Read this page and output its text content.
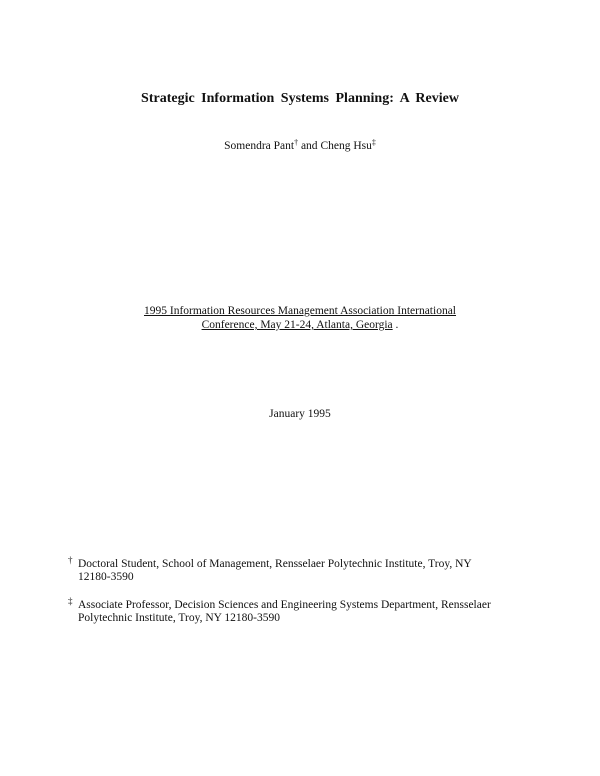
Strategic Information Systems Planning: A Review
Somendra Pant† and Cheng Hsu‡
1995 Information Resources Management Association International
Conference, May 21-24, Atlanta, Georgia .
January 1995
† Doctoral Student, School of Management, Rensselaer Polytechnic Institute, Troy, NY 12180-3590
‡ Associate Professor, Decision Sciences and Engineering Systems Department, Rensselaer Polytechnic Institute, Troy, NY 12180-3590
